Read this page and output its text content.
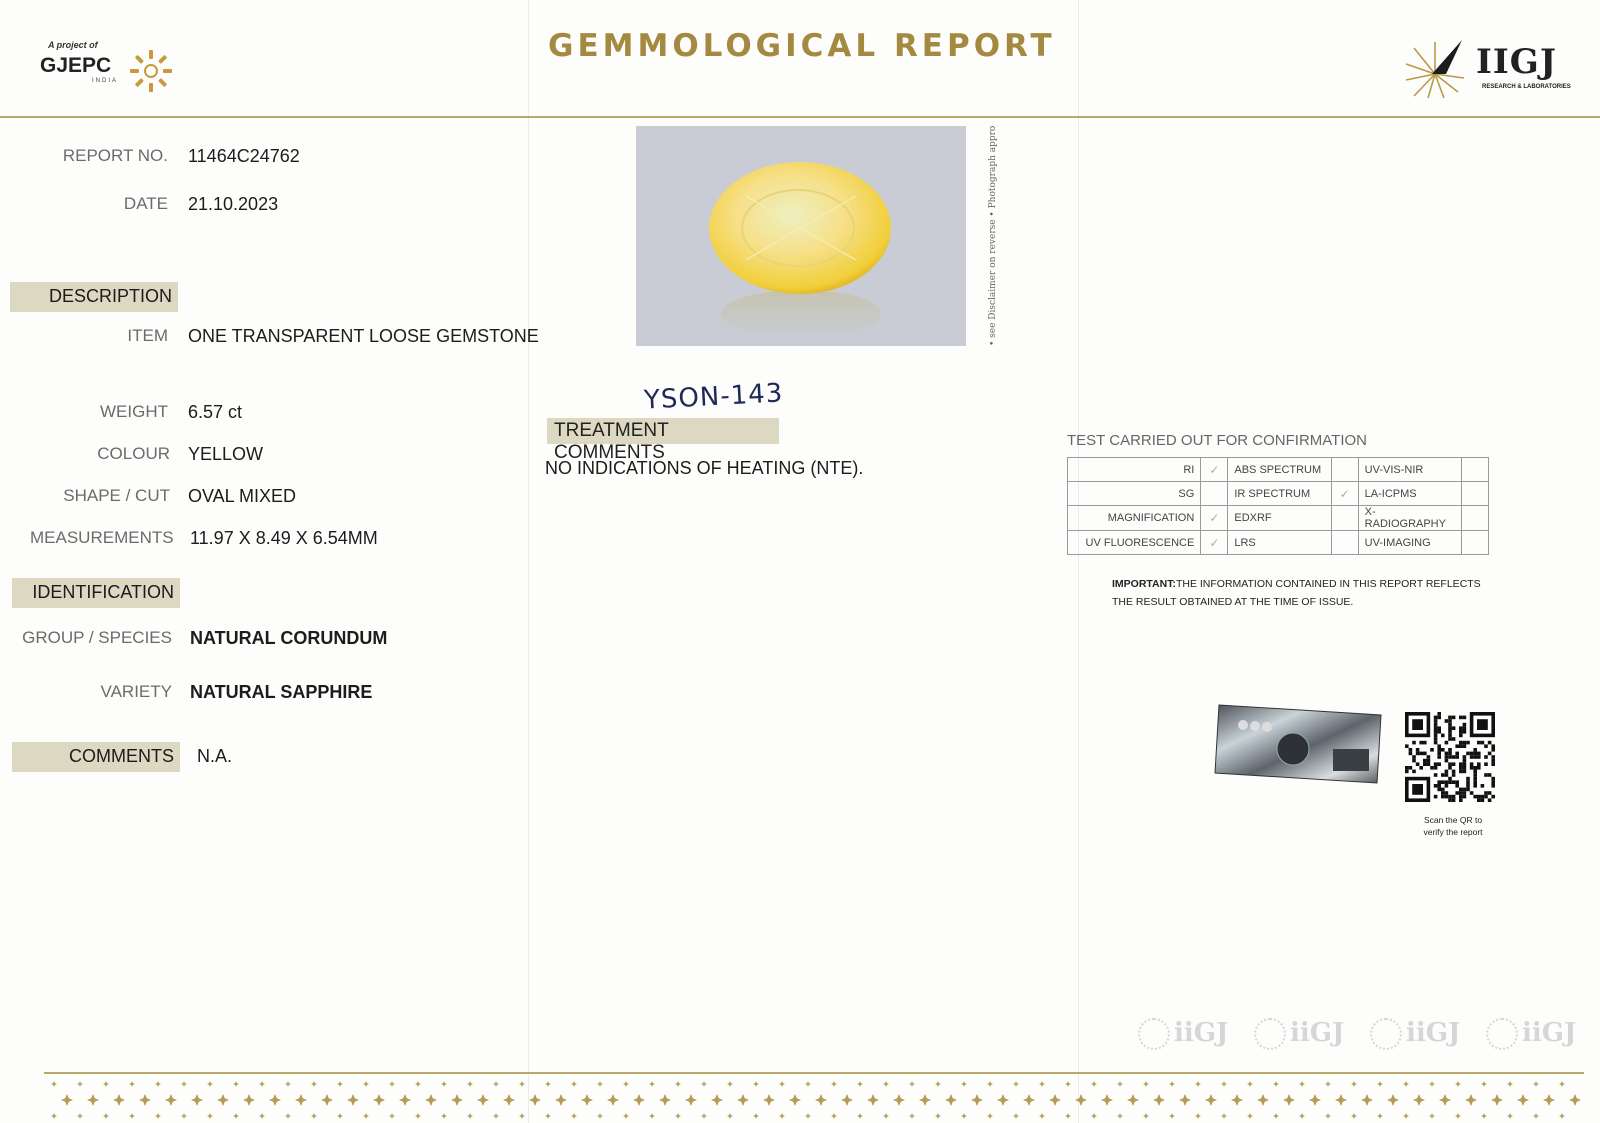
A project of
GJEPC
INDIA
GEMMOLOGICAL REPORT	IIGJ
RESEARCH & LABORATORIES
REPORT NO. 11464C24762
DATE 21.10.2023
DESCRIPTION
ITEM ONE TRANSPARENT LOOSE GEMSTONE
WEIGHT 6.57 ct
COLOUR YELLOW
SHAPE / CUT OVAL MIXED
MEASUREMENTS 11.97 X 8.49 X 6.54MM
IDENTIFICATION
GROUP / SPECIES NATURAL CORUNDUM
VARIETY NATURAL SAPPHIRE
COMMENTS	N.A.
• see Disclaimer on reverse • Photograph approx.
YSON-143
TREATMENT COMMENTS
NO INDICATIONS OF HEATING (NTE).
TEST CARRIED OUT FOR CONFIRMATION
RI	✓	ABS SPECTRUM		UV-VIS-NIR	
SG		IR SPECTRUM	✓	LA-ICPMS	
MAGNIFICATION	✓	EDXRF		X-RADIOGRAPHY	
UV FLUORESCENCE	✓	LRS		UV-IMAGING	
IMPORTANT:THE INFORMATION CONTAINED IN THIS REPORT REFLECTS THE RESULT OBTAINED AT THE TIME OF ISSUE.
Scan the QR to
verify the report
iiGJ iiGJ iiGJ iiGJ
